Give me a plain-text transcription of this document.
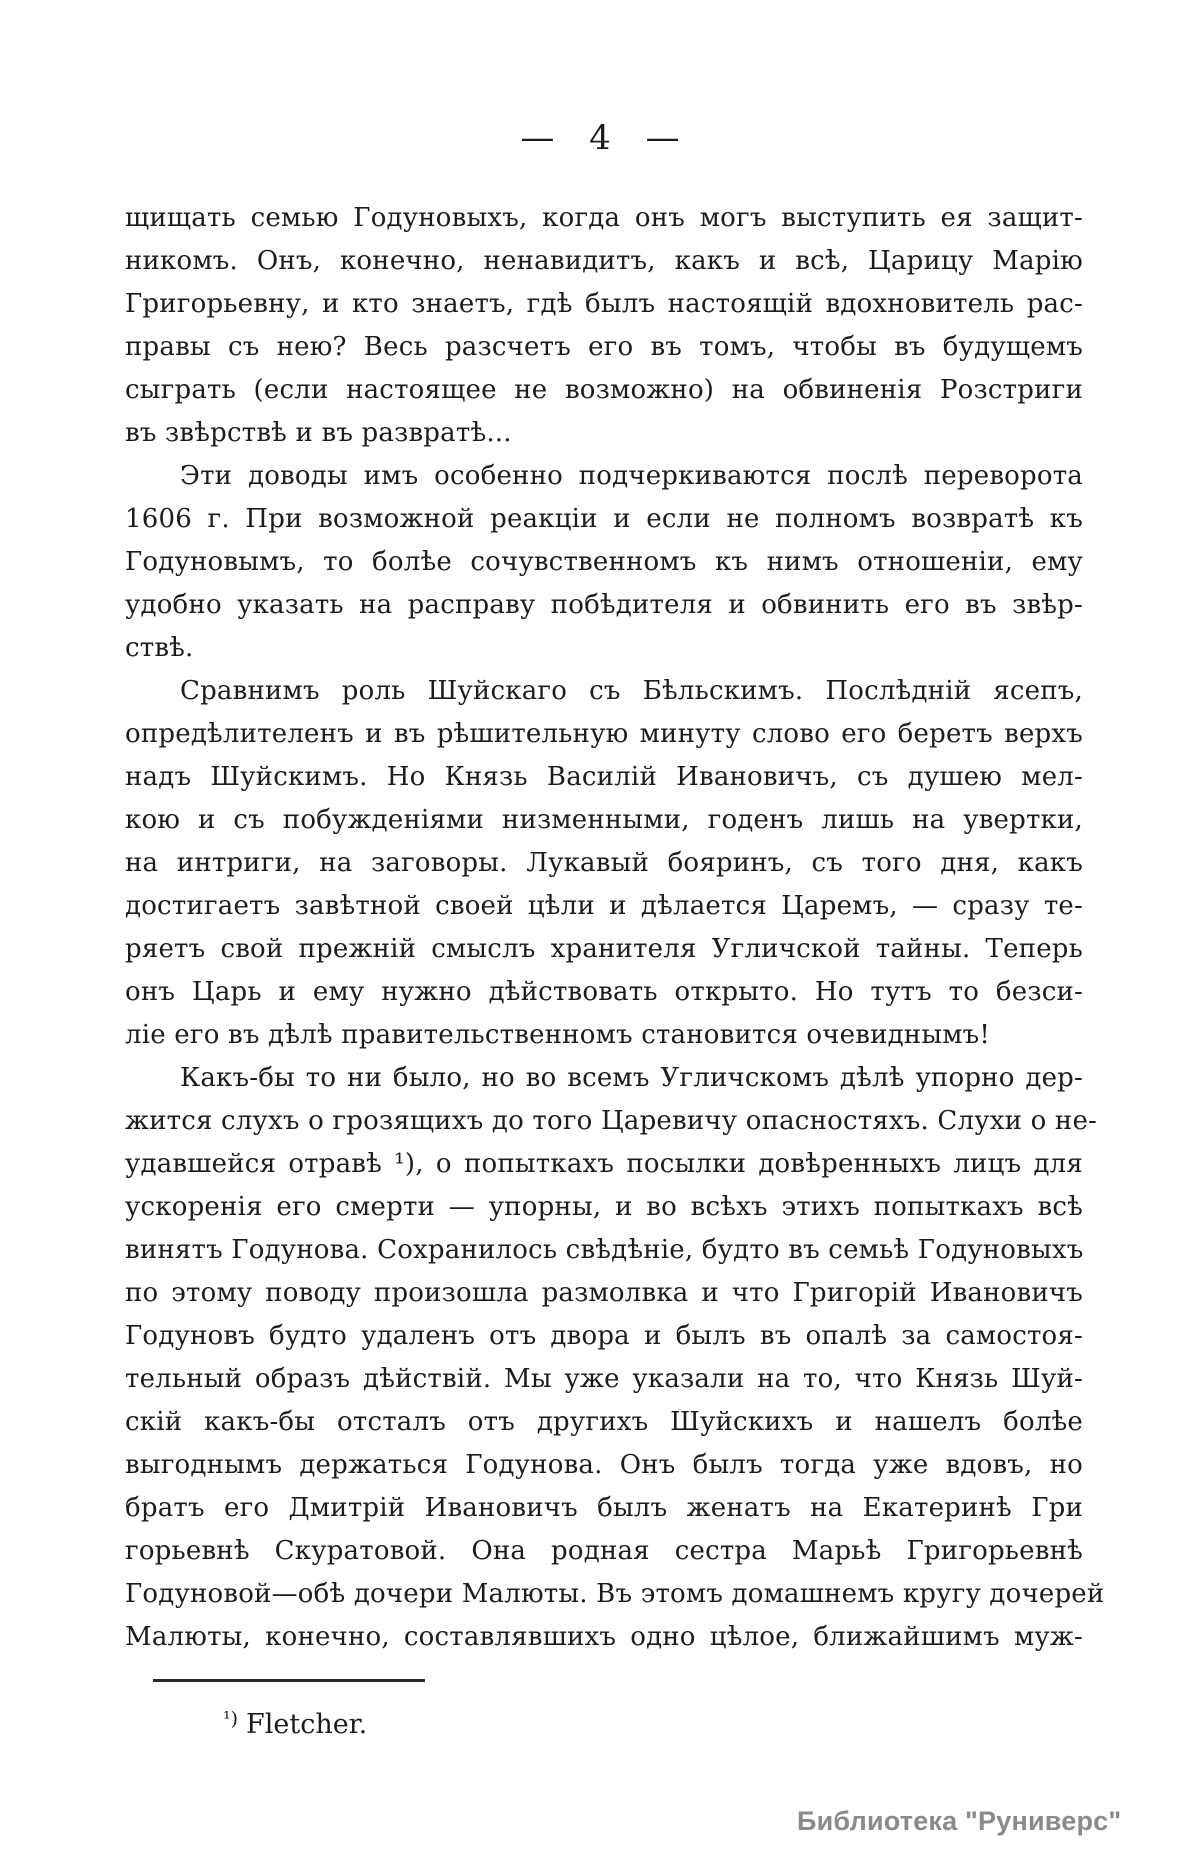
— 4 —
щищать семью Годуновыхъ, когда онъ могъ выступить ея защит-
никомъ. Онъ, конечно, ненавидитъ, какъ и всѣ, Царицу Марію
Григорьевну, и кто знаетъ, гдѣ былъ настоящій вдохновитель рас-
правы съ нею? Весь разсчетъ его въ томъ, чтобы въ будущемъ
сыграть (если настоящее не возможно) на обвиненія Розстриги
въ звѣрствѣ и въ развратѣ...
Эти доводы имъ особенно подчеркиваются послѣ переворота
1606 г. При возможной реакціи и если не полномъ возвратѣ къ
Годуновымъ, то болѣе сочувственномъ къ нимъ отношеніи, ему
удобно указать на расправу побѣдителя и обвинить его въ звѣр-
ствѣ.
Сравнимъ роль Шуйскаго съ Бѣльскимъ. Послѣдній ясепъ,
опредѣлителенъ и въ рѣшительную минуту слово его беретъ верхъ
надъ Шуйскимъ. Но Князь Василій Ивановичъ, съ душею мел-
кою и съ побужденіями низменными, годенъ лишь на увертки,
на интриги, на заговоры. Лукавый бояринъ, съ того дня, какъ
достигаетъ завѣтной своей цѣли и дѣлается Царемъ, — сразу те-
ряетъ свой прежній смыслъ хранителя Угличской тайны. Теперь
онъ Царь и ему нужно дѣйствовать открыто. Но тутъ то безси-
ліе его въ дѣлѣ правительственномъ становится очевиднымъ!
Какъ-бы то ни было, но во всемъ Угличскомъ дѣлѣ упорно дер-
жится слухъ о грозящихъ до того Царевичу опасностяхъ. Слухи о не-
удавшейся отравѣ ¹), о попыткахъ посылки довѣренныхъ лицъ для
ускоренія его смерти — упорны, и во всѣхъ этихъ попыткахъ всѣ
винятъ Годунова. Сохранилось свѣдѣніе, будто въ семьѣ Годуновыхъ
по этому поводу произошла размолвка и что Григорій Ивановичъ
Годуновъ будто удаленъ отъ двора и былъ въ опалѣ за самостоя-
тельный образъ дѣйствій. Мы уже указали на то, что Князь Шуй-
скій какъ-бы отсталъ отъ другихъ Шуйскихъ и нашелъ болѣе
выгоднымъ держаться Годунова. Онъ былъ тогда уже вдовъ, но
братъ его Дмитрій Ивановичъ былъ женатъ на Екатеринѣ Гри
горьевнѣ Скуратовой. Она родная сестра Марьѣ Григорьевнѣ
Годуновой—обѣ дочери Малюты. Въ этомъ домашнемъ кругу дочерей
Малюты, конечно, составлявшихъ одно цѣлое, ближайшимъ муж-
$^{^1)}$ Fletcher.
Библиотека "Руниверс"
